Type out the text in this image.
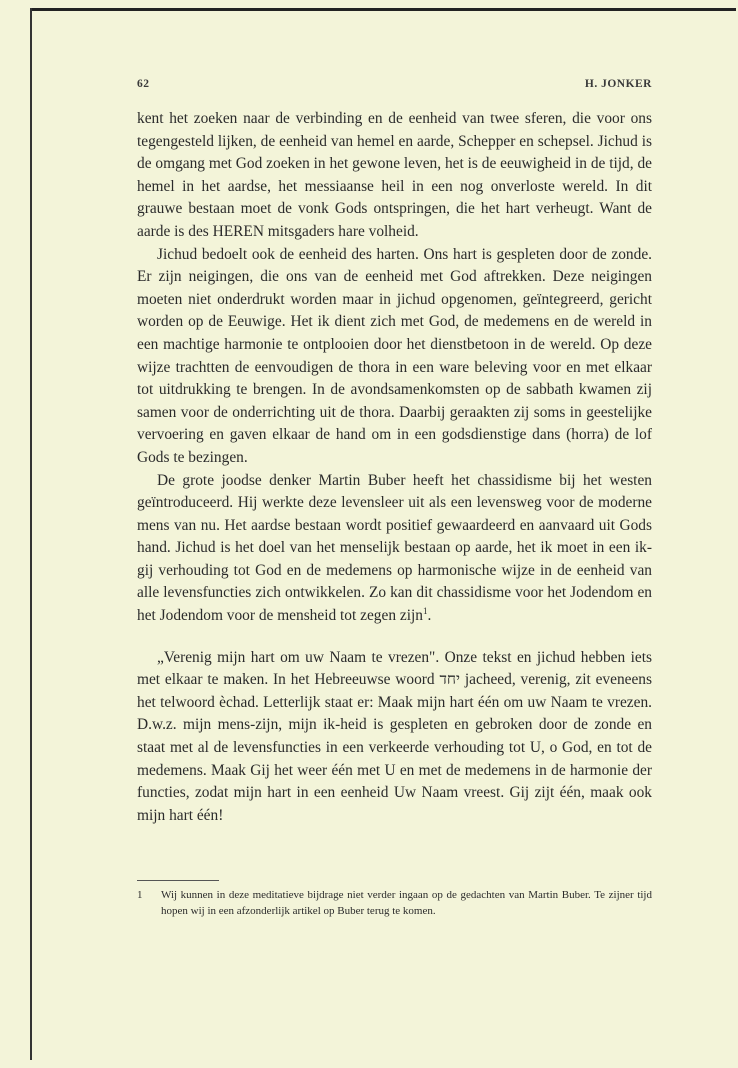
62	H. JONKER

kent het zoeken naar de verbinding en de eenheid van twee sferen, die voor ons tegengesteld lijken, de eenheid van hemel en aarde, Schepper en schepsel. Jichud is de omgang met God zoeken in het gewone leven, het is de eeuwigheid in de tijd, de hemel in het aardse, het messiaanse heil in een nog onverloste wereld. In dit grauwe bestaan moet de vonk Gods ontspringen, die het hart verheugt. Want de aarde is des HEREN mitsgaders hare volheid.

Jichud bedoelt ook de eenheid des harten. Ons hart is gespleten door de zonde. Er zijn neigingen, die ons van de eenheid met God aftrekken. Deze neigingen moeten niet onderdrukt worden maar in jichud opgenomen, geïntegreerd, gericht worden op de Eeuwige. Het ik dient zich met God, de medemens en de wereld in een machtige harmonie te ontplooien door het dienstbetoon in de wereld. Op deze wijze trachtten de eenvoudigen de thora in een ware beleving voor en met elkaar tot uitdrukking te brengen. In de avondsamenkomsten op de sabbath kwamen zij samen voor de onderrichting uit de thora. Daarbij geraakten zij soms in geestelijke vervoering en gaven elkaar de hand om in een godsdienstige dans (horra) de lof Gods te bezingen.

De grote joodse denker Martin Buber heeft het chassidisme bij het westen geïntroduceerd. Hij werkte deze levensleer uit als een levensweg voor de moderne mens van nu. Het aardse bestaan wordt positief gewaardeerd en aanvaard uit Gods hand. Jichud is het doel van het menselijk bestaan op aarde, het ik moet in een ik-gij verhouding tot God en de medemens op harmonische wijze in de eenheid van alle levensfuncties zich ontwikkelen. Zo kan dit chassidisme voor het Jodendom en het Jodendom voor de mensheid tot zegen zijn$^1$.

„Verenig mijn hart om uw Naam te vrezen". Onze tekst en jichud hebben iets met elkaar te maken. In het Hebreeuwse woord יחד jacheed, verenig, zit eveneens het telwoord èchad. Letterlijk staat er: Maak mijn hart één om uw Naam te vrezen. D.w.z. mijn mens-zijn, mijn ik-heid is gespleten en gebroken door de zonde en staat met al de levensfuncties in een verkeerde verhouding tot U, o God, en tot de medemens. Maak Gij het weer één met U en met de medemens in de harmonie der functies, zodat mijn hart in een eenheid Uw Naam vreest. Gij zijt één, maak ook mijn hart één!

1 Wij kunnen in deze meditatieve bijdrage niet verder ingaan op de gedachten van Martin Buber. Te zijner tijd hopen wij in een afzonderlijk artikel op Buber terug te komen.
